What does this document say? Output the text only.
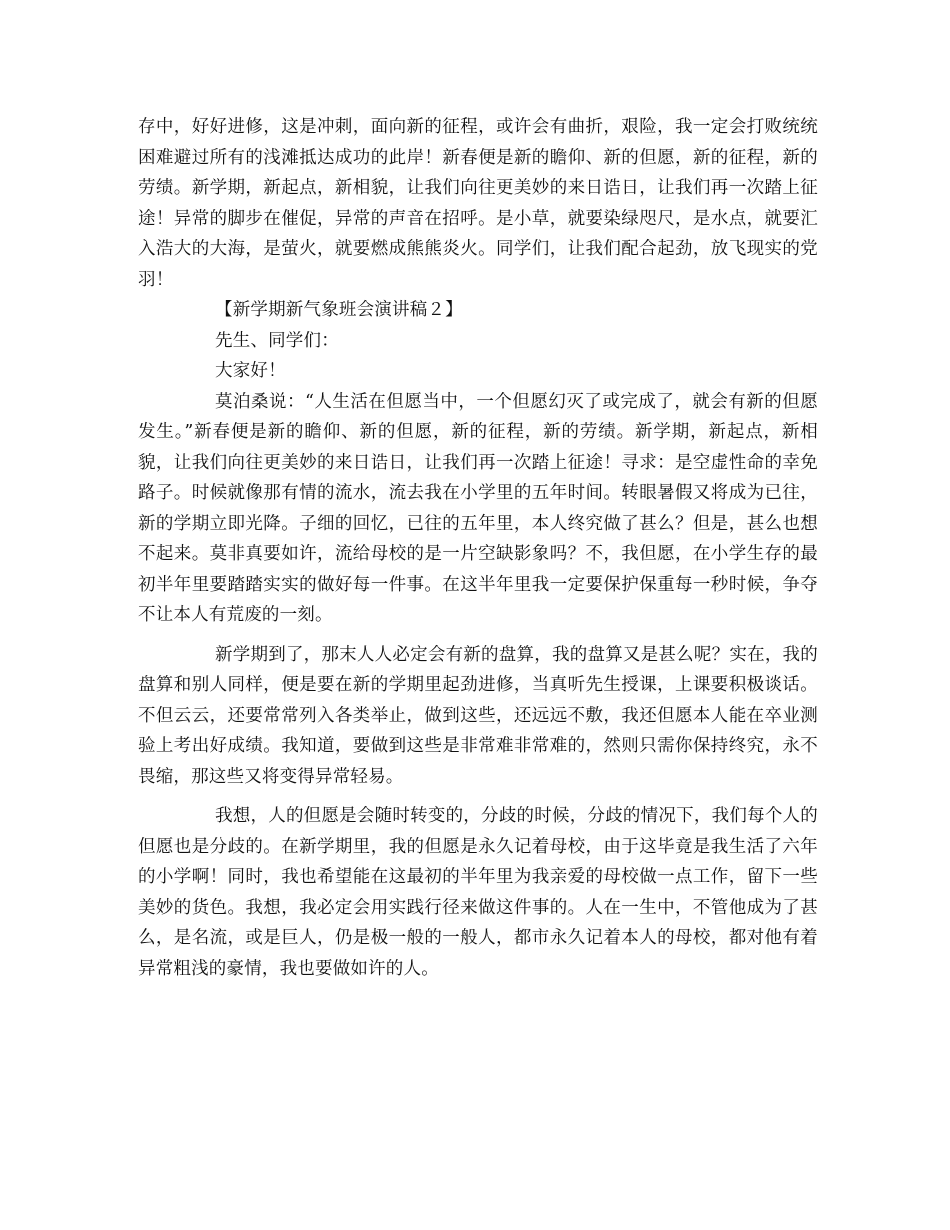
存中，好好进修，这是冲刺，面向新的征程，或许会有曲折，艰险，我一定会打败统统困难避过所有的浅滩抵达成功的此岸！新春便是新的瞻仰、新的但愿，新的征程，新的劳绩。新学期，新起点，新相貌，让我们向往更美妙的来日诰日，让我们再一次踏上征途！异常的脚步在催促，异常的声音在招呼。是小草，就要染绿咫尺，是水点，就要汇入浩大的大海，是萤火，就要燃成熊熊炎火。同学们，让我们配合起劲，放飞现实的党羽！

【新学期新气象班会演讲稿２】

先生、同学们：

大家好！

莫泊桑说：“人生活在但愿当中，一个但愿幻灭了或完成了，就会有新的但愿发生。”新春便是新的瞻仰、新的但愿，新的征程，新的劳绩。新学期，新起点，新相貌，让我们向往更美妙的来日诰日，让我们再一次踏上征途！寻求：是空虚性命的幸免路子。时候就像那有情的流水，流去我在小学里的五年时间。转眼暑假又将成为已往，新的学期立即光降。子细的回忆，已往的五年里，本人终究做了甚么？但是，甚么也想不起来。莫非真要如许，流给母校的是一片空缺影象吗？不，我但愿，在小学生存的最初半年里要踏踏实实的做好每一件事。在这半年里我一定要保护保重每一秒时候，争夺不让本人有荒废的一刻。

新学期到了，那末人人必定会有新的盘算，我的盘算又是甚么呢？实在，我的盘算和别人同样，便是要在新的学期里起劲进修，当真听先生授课，上课要积极谈话。不但云云，还要常常列入各类举止，做到这些，还远远不敷，我还但愿本人能在卒业测验上考出好成绩。我知道，要做到这些是非常难非常难的，然则只需你保持终究，永不畏缩，那这些又将变得异常轻易。

我想，人的但愿是会随时转变的，分歧的时候，分歧的情况下，我们每个人的但愿也是分歧的。在新学期里，我的但愿是永久记着母校，由于这毕竟是我生活了六年的小学啊！同时，我也希望能在这最初的半年里为我亲爱的母校做一点工作，留下一些美妙的货色。我想，我必定会用实践行径来做这件事的。人在一生中，不管他成为了甚么，是名流，或是巨人，仍是极一般的一般人，都市永久记着本人的母校，都对他有着异常粗浅的豪情，我也要做如许的人。
